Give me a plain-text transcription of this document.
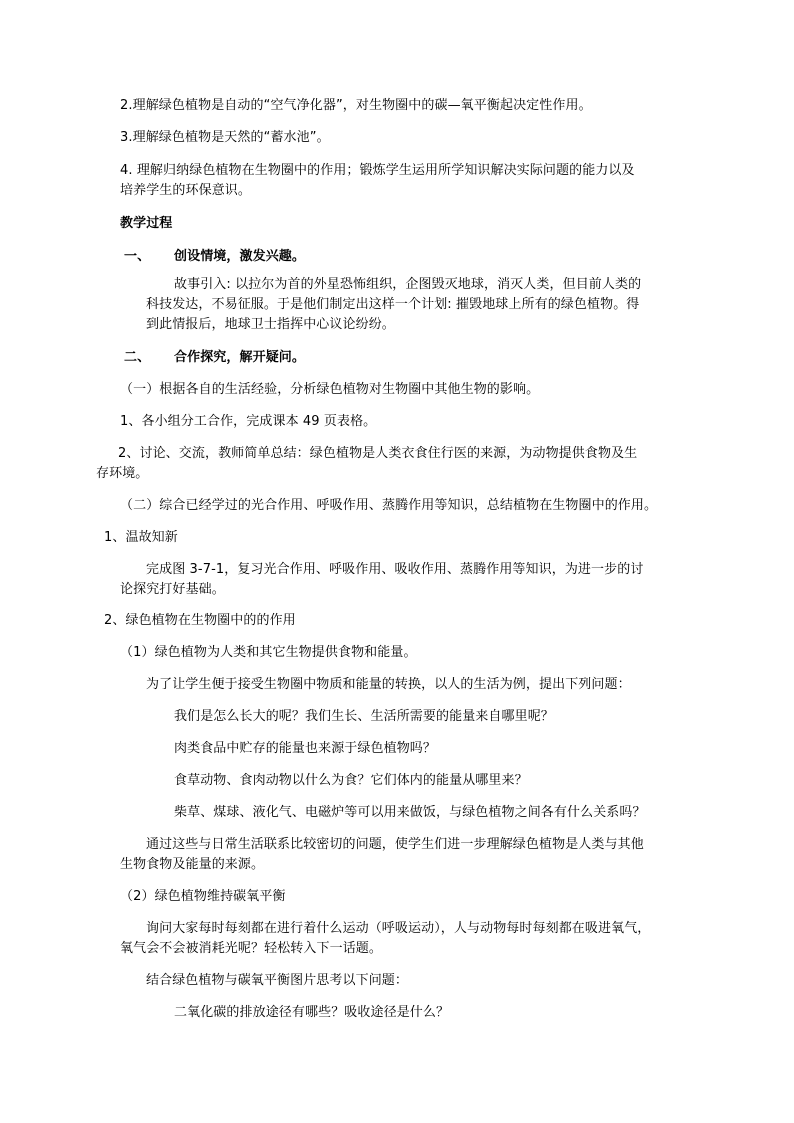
2.理解绿色植物是自动的“空气净化器”，对生物圈中的碳—氧平衡起决定性作用。
3.理解绿色植物是天然的“蓄水池”。
4. 理解归纳绿色植物在生物圈中的作用；锻炼学生运用所学知识解决实际问题的能力以及
培养学生的环保意识。
教学过程
一、 创设情境，激发兴趣。
故事引入: 以拉尔为首的外星恐怖组织，企图毁灭地球，消灭人类，但目前人类的
科技发达，不易征服。于是他们制定出这样一个计划: 摧毁地球上所有的绿色植物。得
到此情报后，地球卫士指挥中心议论纷纷。
二、 合作探究，解开疑问。
（一）根据各自的生活经验，分析绿色植物对生物圈中其他生物的影响。
1、各小组分工合作，完成课本 49 页表格。
2、讨论、交流，教师简单总结：绿色植物是人类衣食住行医的来源，为动物提供食物及生
存环境。
（二）综合已经学过的光合作用、呼吸作用、蒸腾作用等知识，总结植物在生物圈中的作用。
1、温故知新
完成图 3-7-1，复习光合作用、呼吸作用、吸收作用、蒸腾作用等知识，为进一步的讨
论探究打好基础。
2、绿色植物在生物圈中的的作用
（1）绿色植物为人类和其它生物提供食物和能量。
为了让学生便于接受生物圈中物质和能量的转换，以人的生活为例，提出下列问题：
我们是怎么长大的呢？我们生长、生活所需要的能量来自哪里呢？
肉类食品中贮存的能量也来源于绿色植物吗？
食草动物、食肉动物以什么为食？它们体内的能量从哪里来？
柴草、煤球、液化气、电磁炉等可以用来做饭，与绿色植物之间各有什么关系吗？
通过这些与日常生活联系比较密切的问题，使学生们进一步理解绿色植物是人类与其他
生物食物及能量的来源。
（2）绿色植物维持碳氧平衡
询问大家每时每刻都在进行着什么运动（呼吸运动），人与动物每时每刻都在吸进氧气，
氧气会不会被消耗光呢？轻松转入下一话题。
结合绿色植物与碳氧平衡图片思考以下问题：
二氧化碳的排放途径有哪些？吸收途径是什么？
